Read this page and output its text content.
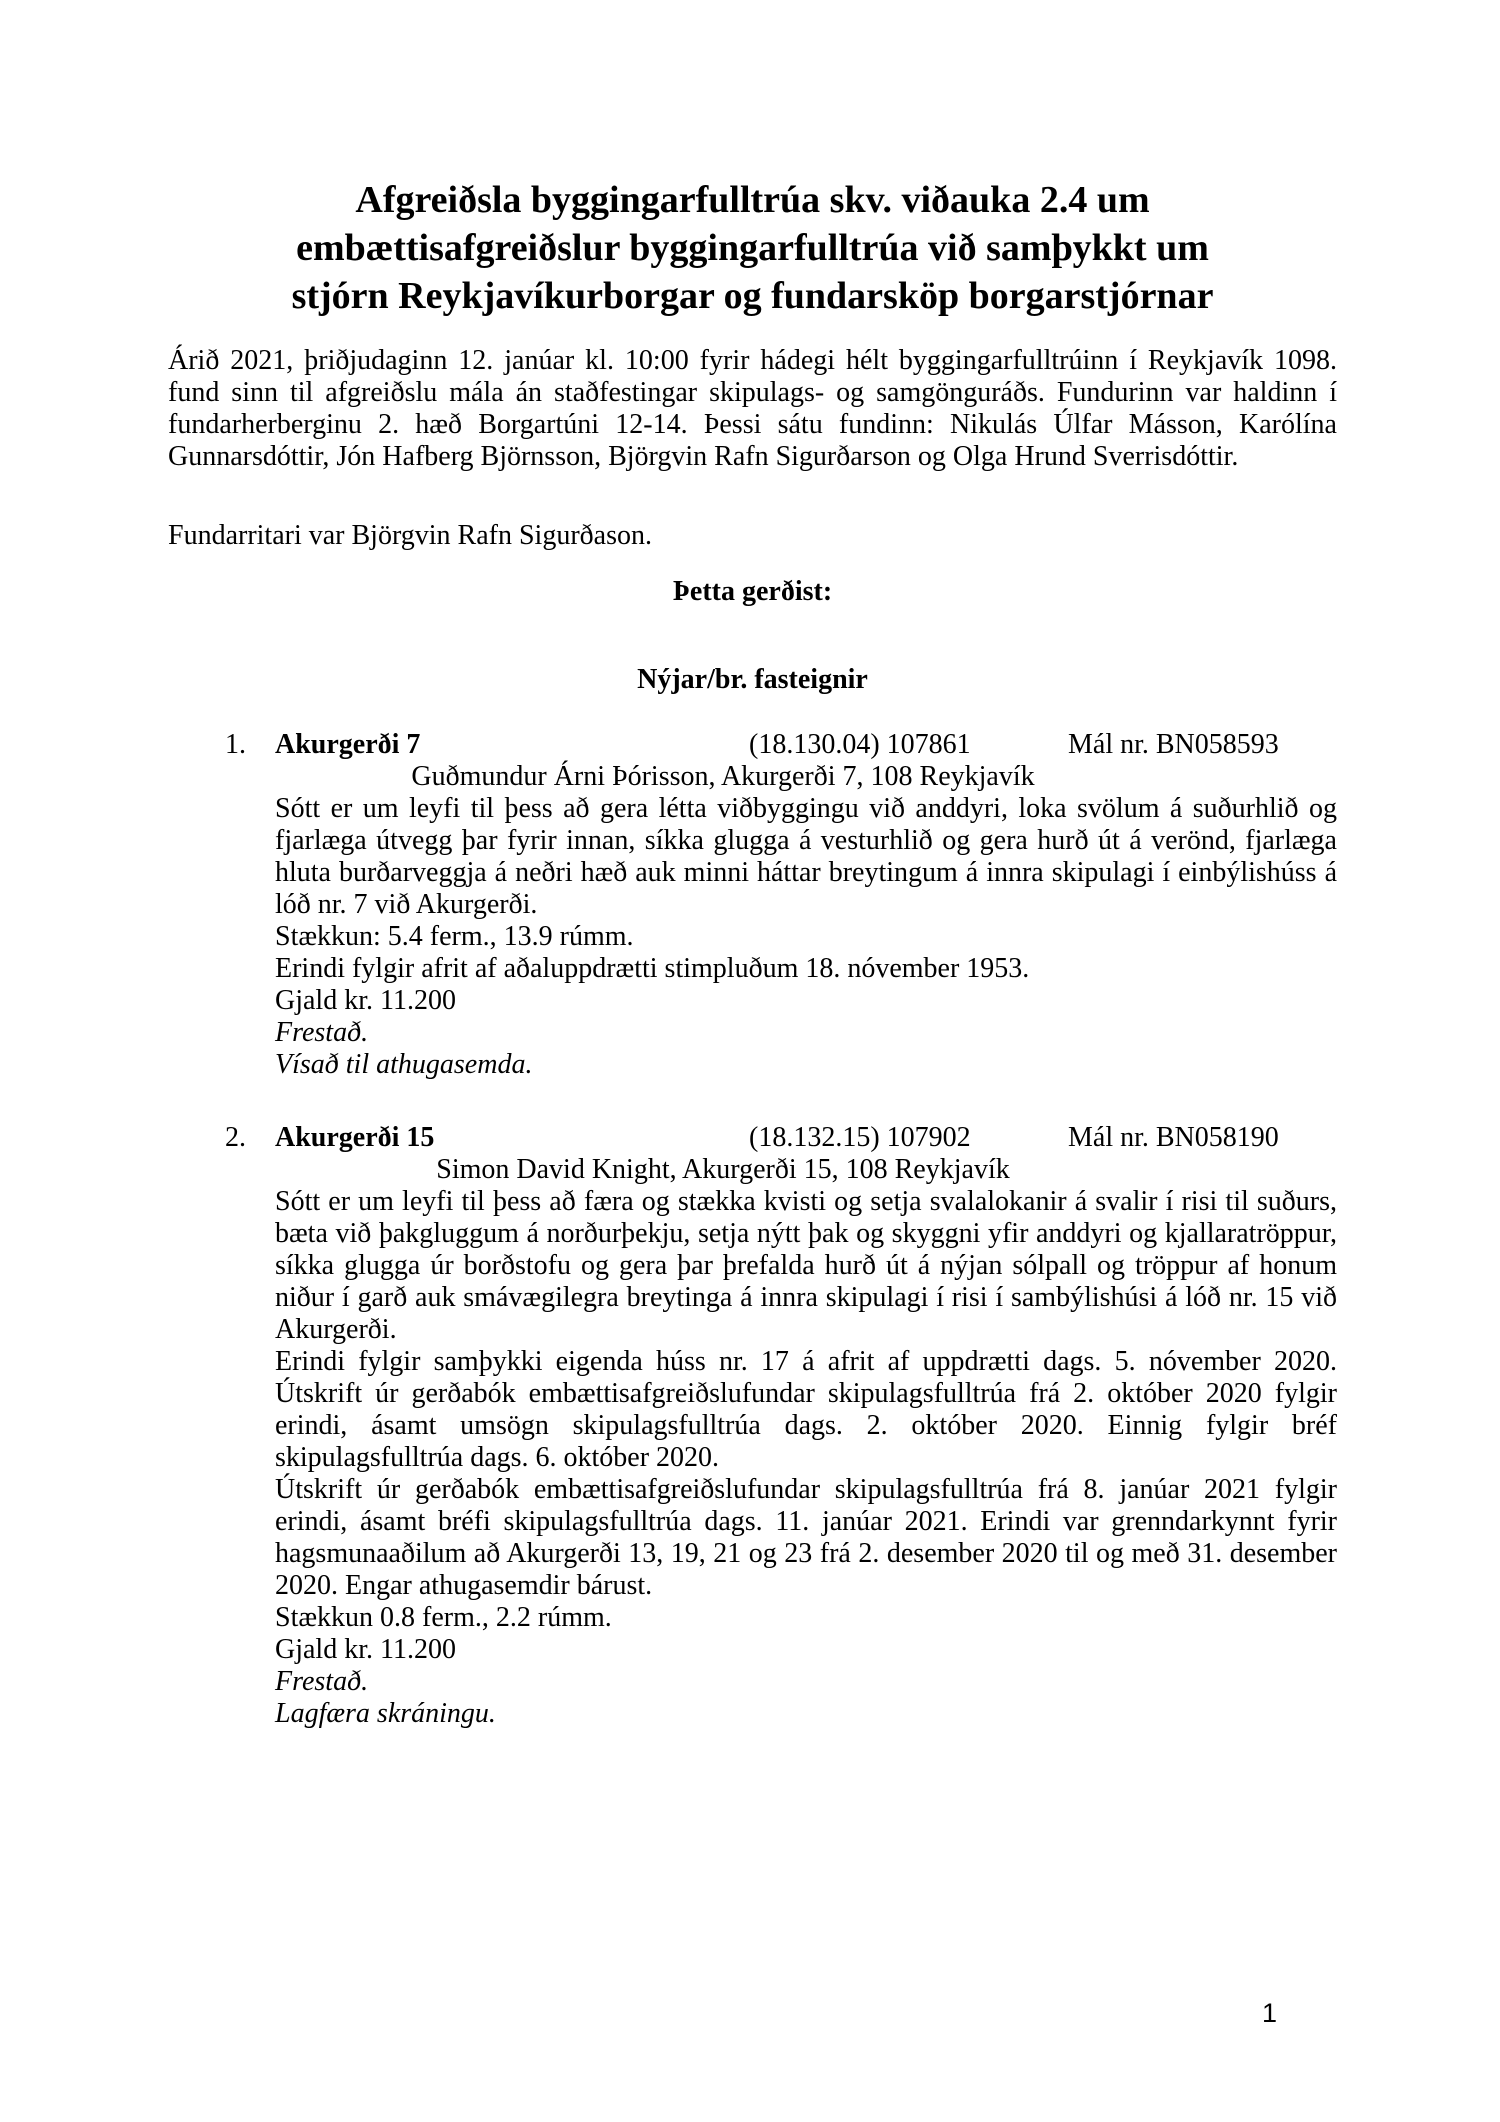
Afgreiðsla byggingarfulltrúa skv. viðauka 2.4 um
embættisafgreiðslur byggingarfulltrúa við samþykkt um
stjórn Reykjavíkurborgar og fundarsköp borgarstjórnar

Árið 2021, þriðjudaginn 12. janúar kl. 10:00 fyrir hádegi hélt byggingarfulltrúinn í Reykjavík 1098. fund sinn til afgreiðslu mála án staðfestingar skipulags- og samgönguráðs. Fundurinn var haldinn í fundarherberginu 2. hæð Borgartúni 12-14. Þessi sátu fundinn: Nikulás Úlfar Másson, Karólína Gunnarsdóttir, Jón Hafberg Björnsson, Björgvin Rafn Sigurðarson og Olga Hrund Sverrisdóttir.

Fundarritari var Björgvin Rafn Sigurðason.

Þetta gerðist:

Nýjar/br. fasteignir

1.	Akurgerði 7	(18.130.04) 107861	Mál nr. BN058593
Guðmundur Árni Þórisson, Akurgerði 7, 108 Reykjavík

Sótt er um leyfi til þess að gera létta viðbyggingu við anddyri, loka svölum á suðurhlið og fjarlæga útvegg þar fyrir innan, síkka glugga á vesturhlið og gera hurð út á verönd, fjarlæga hluta burðarveggja á neðri hæð auk minni háttar breytingum á innra skipulagi í einbýlishúss á lóð nr. 7 við Akurgerði.

Stækkun: 5.4 ferm., 13.9 rúmm.

Erindi fylgir afrit af aðaluppdrætti stimpluðum 18. nóvember 1953.

Gjald kr. 11.200

Frestað.

Vísað til athugasemda.

2.	Akurgerði 15	(18.132.15) 107902	Mál nr. BN058190
Simon David Knight, Akurgerði 15, 108 Reykjavík

Sótt er um leyfi til þess að færa og stækka kvisti og setja svalalokanir á svalir í risi til suðurs, bæta við þakgluggum á norðurþekju, setja nýtt þak og skyggni yfir anddyri og kjallaratröppur, síkka glugga úr borðstofu og gera þar þrefalda hurð út á nýjan sólpall og tröppur af honum niður í garð auk smávægilegra breytinga á innra skipulagi í risi í sambýlishúsi á lóð nr. 15 við Akurgerði.

Erindi fylgir samþykki eigenda húss nr. 17 á afrit af uppdrætti dags. 5. nóvember 2020. Útskrift úr gerðabók embættisafgreiðslufundar skipulagsfulltrúa frá 2. október 2020 fylgir erindi, ásamt umsögn skipulagsfulltrúa dags. 2. október 2020. Einnig fylgir bréf skipulagsfulltrúa dags. 6. október 2020.

Útskrift úr gerðabók embættisafgreiðslufundar skipulagsfulltrúa frá 8. janúar 2021 fylgir erindi, ásamt bréfi skipulagsfulltrúa dags. 11. janúar 2021. Erindi var grenndarkynnt fyrir hagsmunaaðilum að Akurgerði 13, 19, 21 og 23 frá 2. desember 2020 til og með 31. desember 2020. Engar athugasemdir bárust.

Stækkun 0.8 ferm., 2.2 rúmm.

Gjald kr. 11.200

Frestað.

Lagfæra skráningu.

1
